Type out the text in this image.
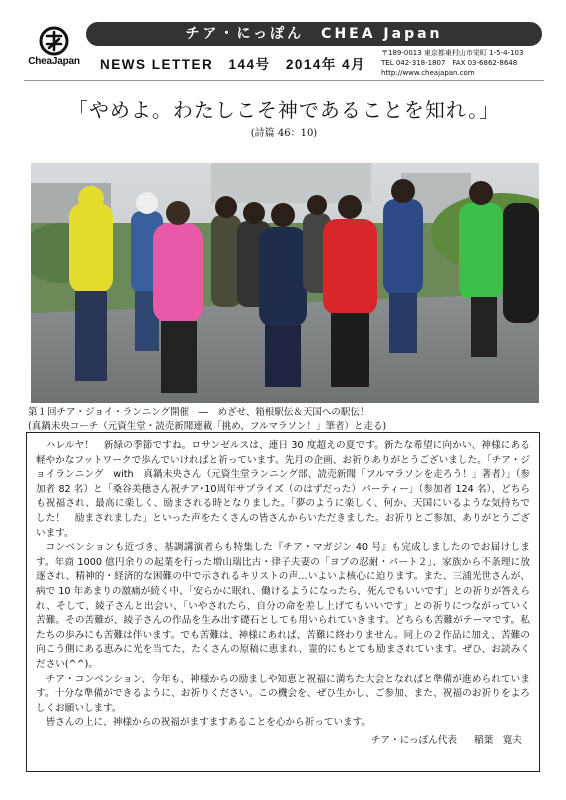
CheaJapan
チア・にっぽん　CHEA Japan
NEWS LETTER 144号 2014年 4月
〒189-0013 東京都東村山市栄町 1-5-4-103
TEL 042-318-1807　FAX 03-6862-8648
http://www.cheajapan.com
「やめよ。わたしこそ神であることを知れ。」
(詩篇 46：10)
第１回チア・ジョイ・ランニング開催　―　めざせ、箱根駅伝＆天国への駅伝！
(真鍋未央コーチ（元資生堂・読売新聞連載「挑め、フルマラソン！」筆者）と走る)

ハレルヤ！　新緑の季節ですね。ロサンゼルスは、連日 30 度超えの夏です。新たな希望に向かい、神様にある軽やかなフットワークで歩んでいければと祈っています。先月の企画、お祈りありがとうございました。「チア・ジョイランニング　with　真鍋未央さん（元資生堂ランニング部、読売新聞「フルマラソンを走ろう！」著者）」（参加者 82 名）と「桑谷美穂さん祝チア･10周年サプライズ（のはずだった）パーティー」（参加者 124 名）、どちらも祝福され、最高に楽しく、励まされる時となりました。「夢のように楽しく、何か、天国にいるような気持ちでした！　励まされました」といった声をたくさんの皆さんからいただきました。お祈りとご参加、ありがとうございます。

コンベンションも近づき、基調講演者らも特集した『チア・マガジン 40 号』も完成しましたのでお届けします。年商 1000 億円余りの起業を行った増山瑞比古・律子夫妻の「ヨブの忍耐・パート２」、家族から不条理に放逐され、精神的・経済的な困難の中で示されるキリストの声…いよいよ核心に迫ります。また、三浦光世さんが、病で 10 年あまりの激痛が続く中、「安らかに眠れ、働けるようになったら、死んでもいいです」との祈りが答えられ、そして、綾子さんと出会い、「いやされたら、自分の命を差し上げてもいいです」との祈りにつながっていく苦難。その苦難が、綾子さんの作品を生み出す礎石としても用いられていきます。どちらも苦難がテーマです。私たちの歩みにも苦難は伴います。でも苦難は、神様にあれば、苦難に終わりません。同上の２作品に加え、苦難の向こう側にある恵みに光を当てた、たくさんの原稿に恵まれ、霊的にもとても励まされています。ぜひ、お読みください(^^)。

チア・コンベンション、今年も、神様からの励ましや知恵と祝福に満ちた大会となればと準備が進められています。十分な準備ができるように、お祈りください。この機会を、ぜひ生かし、ご参加、また、祝福のお祈りをよろしくお願いします。

皆さんの上に、神様からの祝福がますますあることを心から祈っています。

チア・にっぽん代表 稲葉　寛夫
